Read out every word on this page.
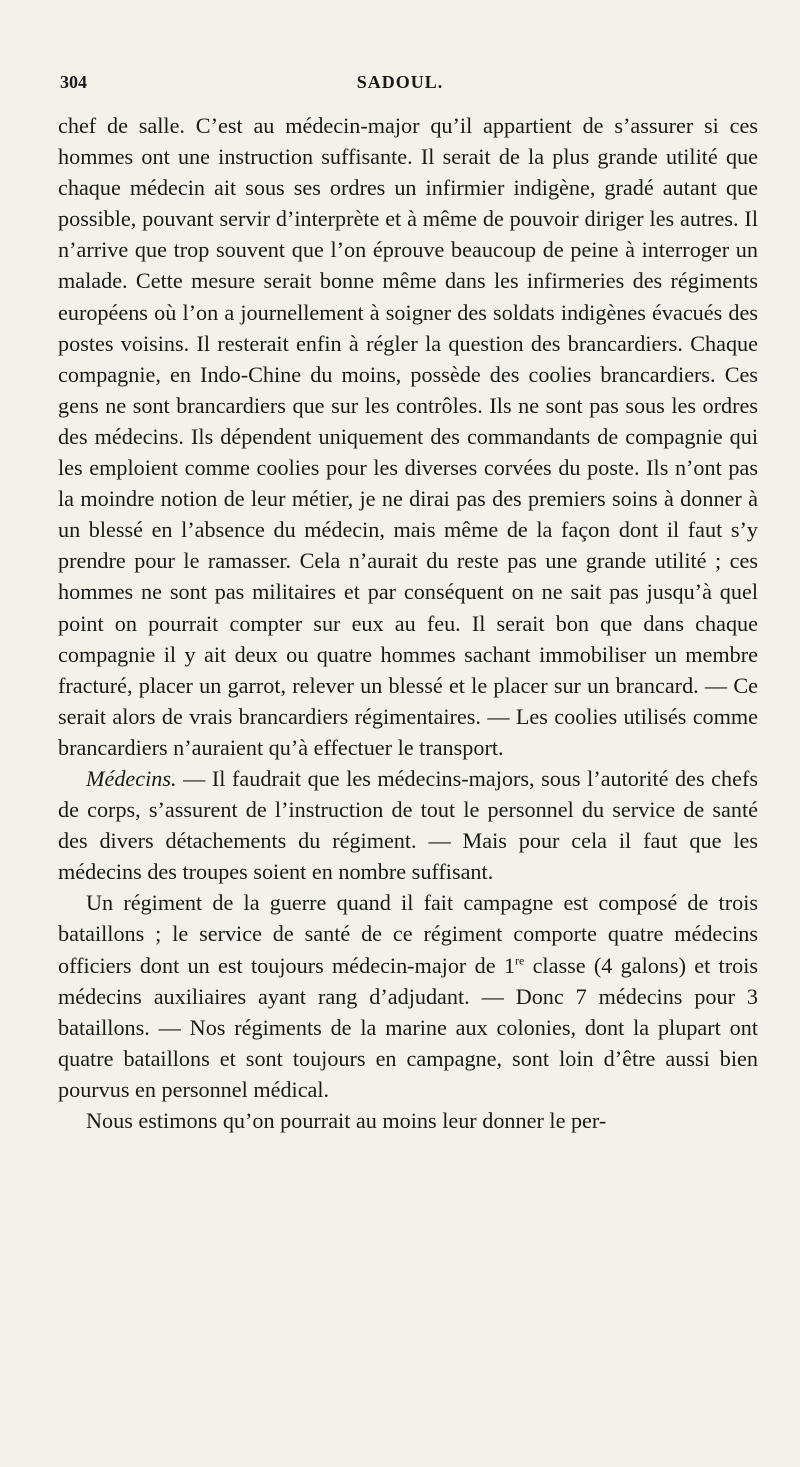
304	SADOUL.

chef de salle. C’est au médecin-major qu’il appartient de s’assurer si ces hommes ont une instruction suffisante. Il serait de la plus grande utilité que chaque médecin ait sous ses ordres un infirmier indigène, gradé autant que possible, pouvant servir d’interprète et à même de pouvoir diriger les autres. Il n’arrive que trop souvent que l’on éprouve beaucoup de peine à interroger un malade. Cette mesure serait bonne même dans les infirmeries des régiments européens où l’on a journellement à soigner des soldats indigènes évacués des postes voisins. Il resterait enfin à régler la question des brancardiers. Chaque compagnie, en Indo-Chine du moins, possède des coolies brancardiers. Ces gens ne sont brancardiers que sur les contrôles. Ils ne sont pas sous les ordres des médecins. Ils dépendent uniquement des commandants de compagnie qui les emploient comme coolies pour les diverses corvées du poste. Ils n’ont pas la moindre notion de leur métier, je ne dirai pas des premiers soins à donner à un blessé en l’absence du médecin, mais même de la façon dont il faut s’y prendre pour le ramasser. Cela n’aurait du reste pas une grande utilité ; ces hommes ne sont pas militaires et par conséquent on ne sait pas jusqu’à quel point on pourrait compter sur eux au feu. Il serait bon que dans chaque compagnie il y ait deux ou quatre hommes sachant immobiliser un membre fracturé, placer un garrot, relever un blessé et le placer sur un brancard. — Ce serait alors de vrais brancardiers régimentaires. — Les coolies utilisés comme brancardiers n’auraient qu’à effectuer le transport.

Médecins. — Il faudrait que les médecins-majors, sous l’autorité des chefs de corps, s’assurent de l’instruction de tout le personnel du service de santé des divers détachements du régiment. — Mais pour cela il faut que les médecins des troupes soient en nombre suffisant.

Un régiment de la guerre quand il fait campagne est composé de trois bataillons ; le service de santé de ce régiment comporte quatre médecins officiers dont un est toujours médecin-major de 1re classe (4 galons) et trois médecins auxiliaires ayant rang d’adjudant. — Donc 7 médecins pour 3 bataillons. — Nos régiments de la marine aux colonies, dont la plupart ont quatre bataillons et sont toujours en campagne, sont loin d’être aussi bien pourvus en personnel médical.

Nous estimons qu’on pourrait au moins leur donner le per-
